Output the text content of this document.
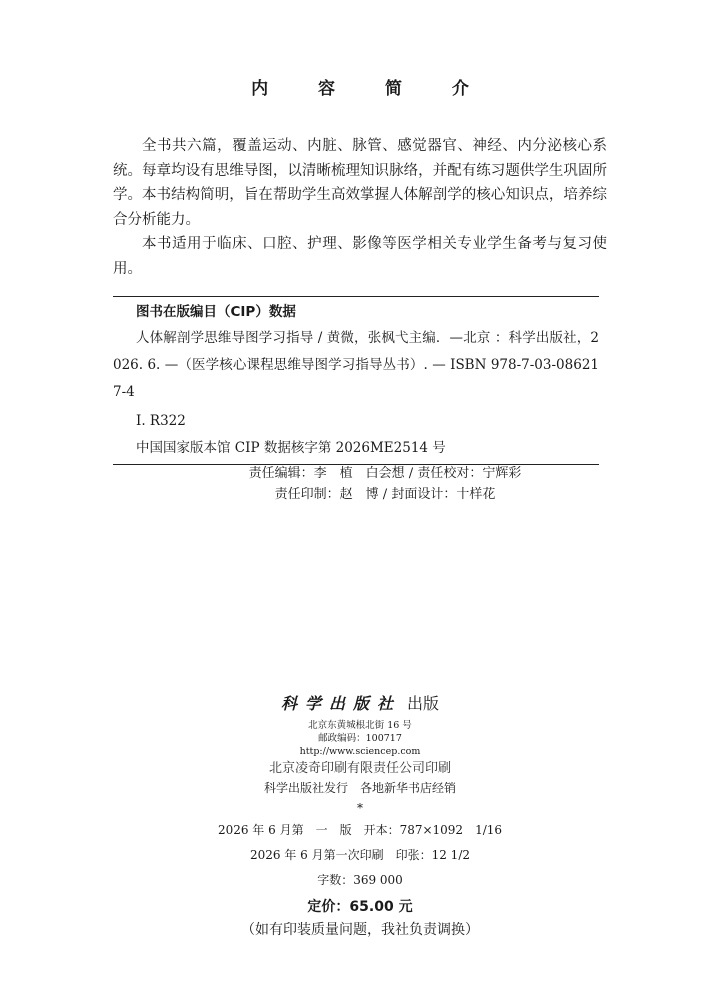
内 容 简 介

全书共六篇，覆盖运动、内脏、脉管、感觉器官、神经、内分泌核心系统。每章均设有思维导图，以清晰梳理知识脉络，并配有练习题供学生巩固所学。本书结构简明，旨在帮助学生高效掌握人体解剖学的核心知识点，培养综合分析能力。

本书适用于临床、口腔、护理、影像等医学相关专业学生备考与复习使用。

图书在版编目（CIP）数据
人体解剖学思维导图学习指导 / 黄微，张枫弋主编．—北京 ：科学出版社，2026. 6. —（医学核心课程思维导图学习指导丛书）. — ISBN 978-7-03-086217-4
Ⅰ. R322
中国国家版本馆 CIP 数据核字第 2026ME2514 号
责任编辑：李　植　白会想 / 责任校对：宁辉彩
责任印制：赵　博 / 封面设计：十样花
科学出版社 出版
北京东黄城根北街 16 号
邮政编码：100717
http://www.sciencep.com
北京凌奇印刷有限责任公司印刷
科学出版社发行　各地新华书店经销
*
2026 年 6 月第　一　版　开本：787×1092　1/16
2026 年 6 月第一次印刷　印张：12 1/2
字数：369 000
定价：65.00 元
（如有印装质量问题，我社负责调换）
